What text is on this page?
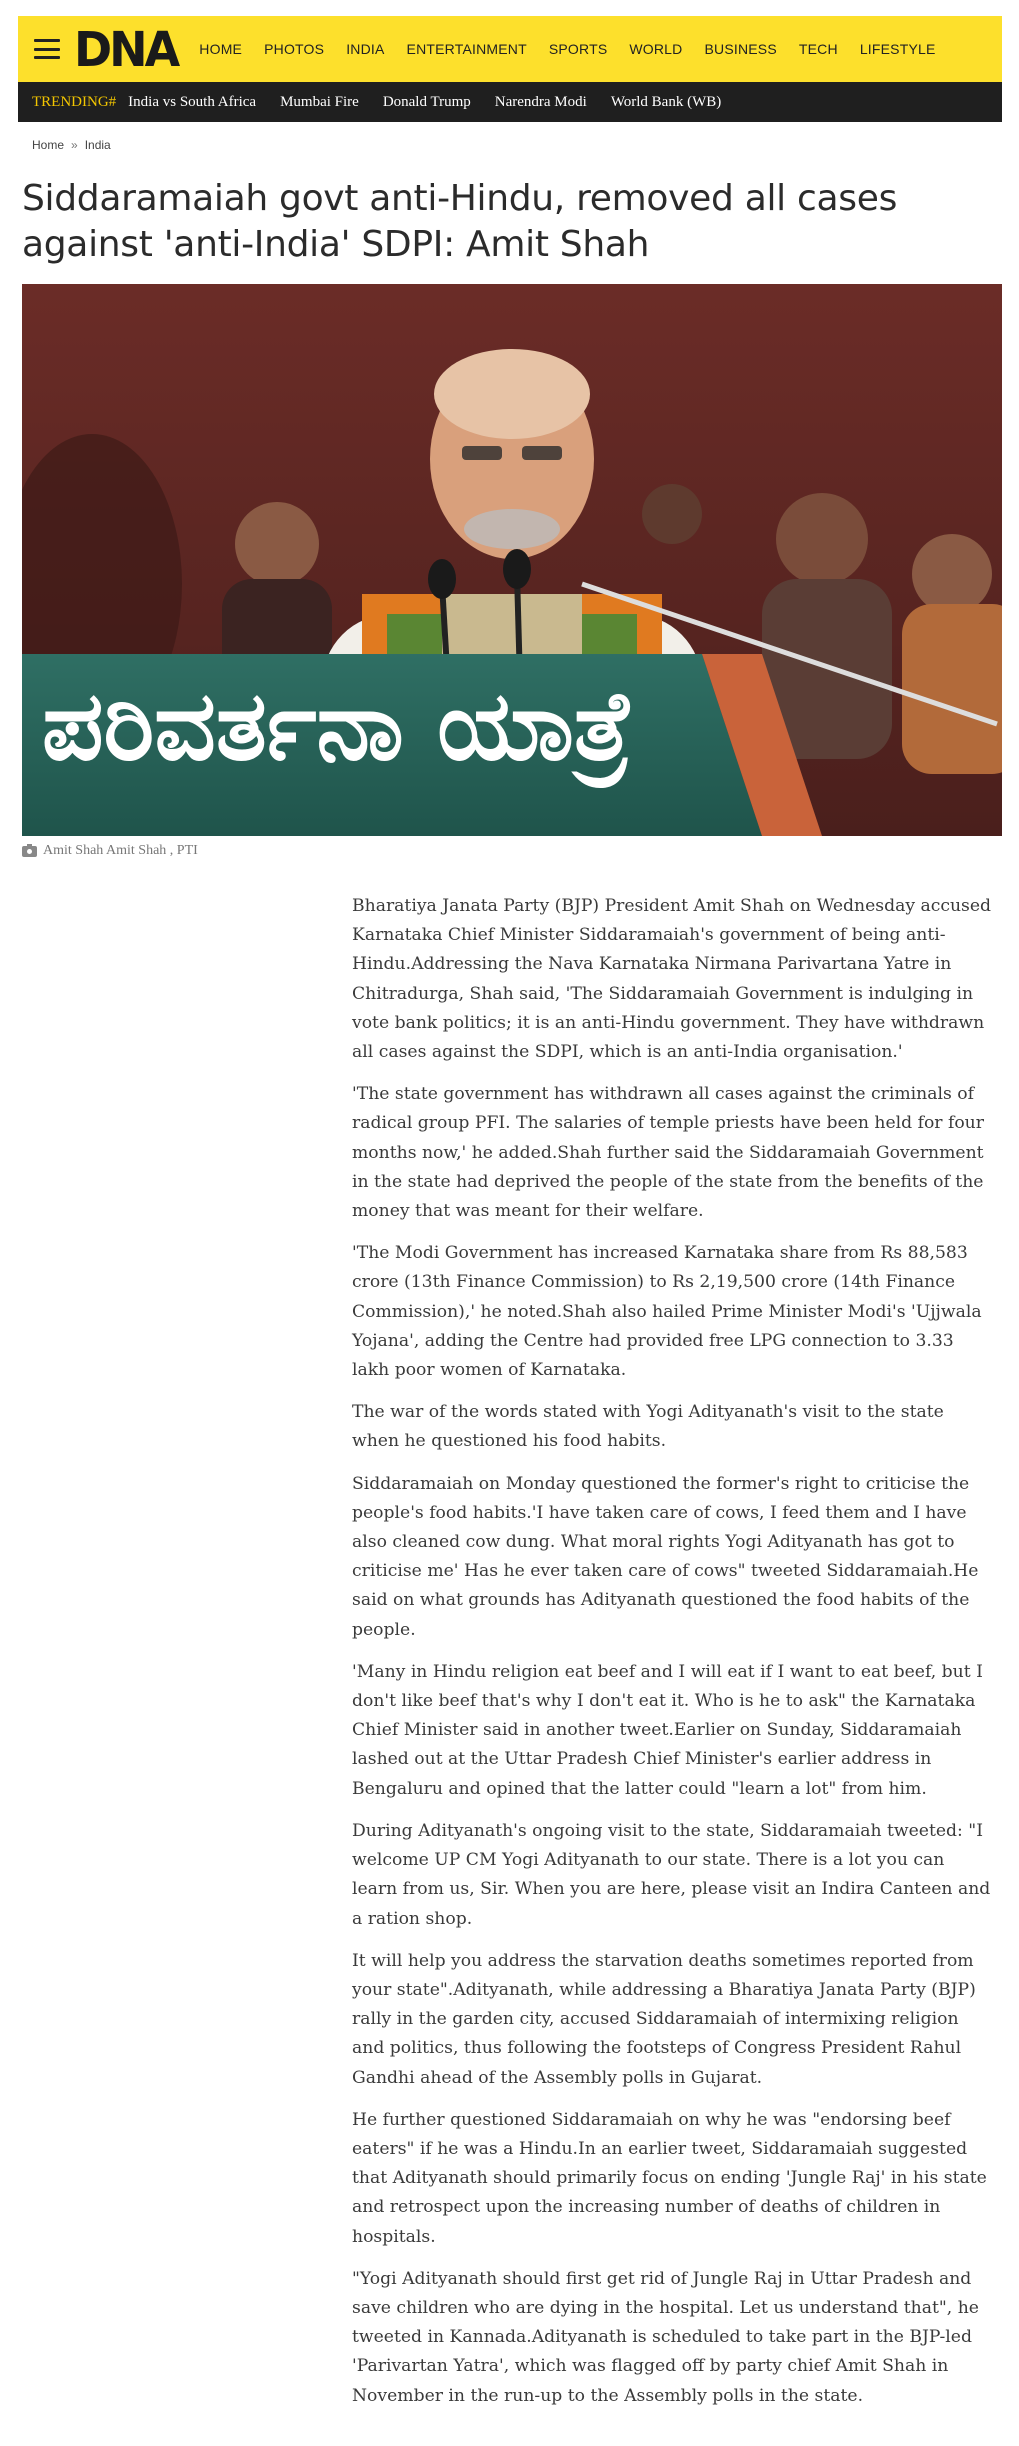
DNA HOME PHOTOS INDIA ENTERTAINMENT SPORTS WORLD BUSINESS TECH LIFESTYLE
TRENDING# India vs South Africa Mumbai Fire Donald Trump Narendra Modi World Bank (WB)
Home » India
Siddaramaiah govt anti-Hindu, removed all cases against 'anti-India' SDPI: Amit Shah
ಪರಿವರ್ತನಾ ಯಾತ್ರೆ
Amit Shah Amit Shah , PTI

Bharatiya Janata Party (BJP) President Amit Shah on Wednesday accused Karnataka Chief Minister Siddaramaiah's government of being anti-Hindu.Addressing the Nava Karnataka Nirmana Parivartana Yatre in Chitradurga, Shah said, 'The Siddaramaiah Government is indulging in vote bank politics; it is an anti-Hindu government. They have withdrawn all cases against the SDPI, which is an anti-India organisation.'

'The state government has withdrawn all cases against the criminals of radical group PFI. The salaries of temple priests have been held for four months now,' he added.Shah further said the Siddaramaiah Government in the state had deprived the people of the state from the benefits of the money that was meant for their welfare.

'The Modi Government has increased Karnataka share from Rs 88,583 crore (13th Finance Commission) to Rs 2,19,500 crore (14th Finance Commission),' he noted.Shah also hailed Prime Minister Modi's 'Ujjwala Yojana', adding the Centre had provided free LPG connection to 3.33 lakh poor women of Karnataka.

The war of the words stated with Yogi Adityanath's visit to the state when he questioned his food habits.

Siddaramaiah on Monday questioned the former's right to criticise the people's food habits.'I have taken care of cows, I feed them and I have also cleaned cow dung. What moral rights Yogi Adityanath has got to criticise me' Has he ever taken care of cows" tweeted Siddaramaiah.He said on what grounds has Adityanath questioned the food habits of the people.

'Many in Hindu religion eat beef and I will eat if I want to eat beef, but I don't like beef that's why I don't eat it. Who is he to ask" the Karnataka Chief Minister said in another tweet.Earlier on Sunday, Siddaramaiah lashed out at the Uttar Pradesh Chief Minister's earlier address in Bengaluru and opined that the latter could "learn a lot" from him.

During Adityanath's ongoing visit to the state, Siddaramaiah tweeted: "I welcome UP CM Yogi Adityanath to our state. There is a lot you can learn from us, Sir. When you are here, please visit an Indira Canteen and a ration shop.

It will help you address the starvation deaths sometimes reported from your state".Adityanath, while addressing a Bharatiya Janata Party (BJP) rally in the garden city, accused Siddaramaiah of intermixing religion and politics, thus following the footsteps of Congress President Rahul Gandhi ahead of the Assembly polls in Gujarat.

He further questioned Siddaramaiah on why he was "endorsing beef eaters" if he was a Hindu.In an earlier tweet, Siddaramaiah suggested that Adityanath should primarily focus on ending 'Jungle Raj' in his state and retrospect upon the increasing number of deaths of children in hospitals.

"Yogi Adityanath should first get rid of Jungle Raj in Uttar Pradesh and save children who are dying in the hospital. Let us understand that", he tweeted in Kannada.Adityanath is scheduled to take part in the BJP-led 'Parivartan Yatra', which was flagged off by party chief Amit Shah in November in the run-up to the Assembly polls in the state.
